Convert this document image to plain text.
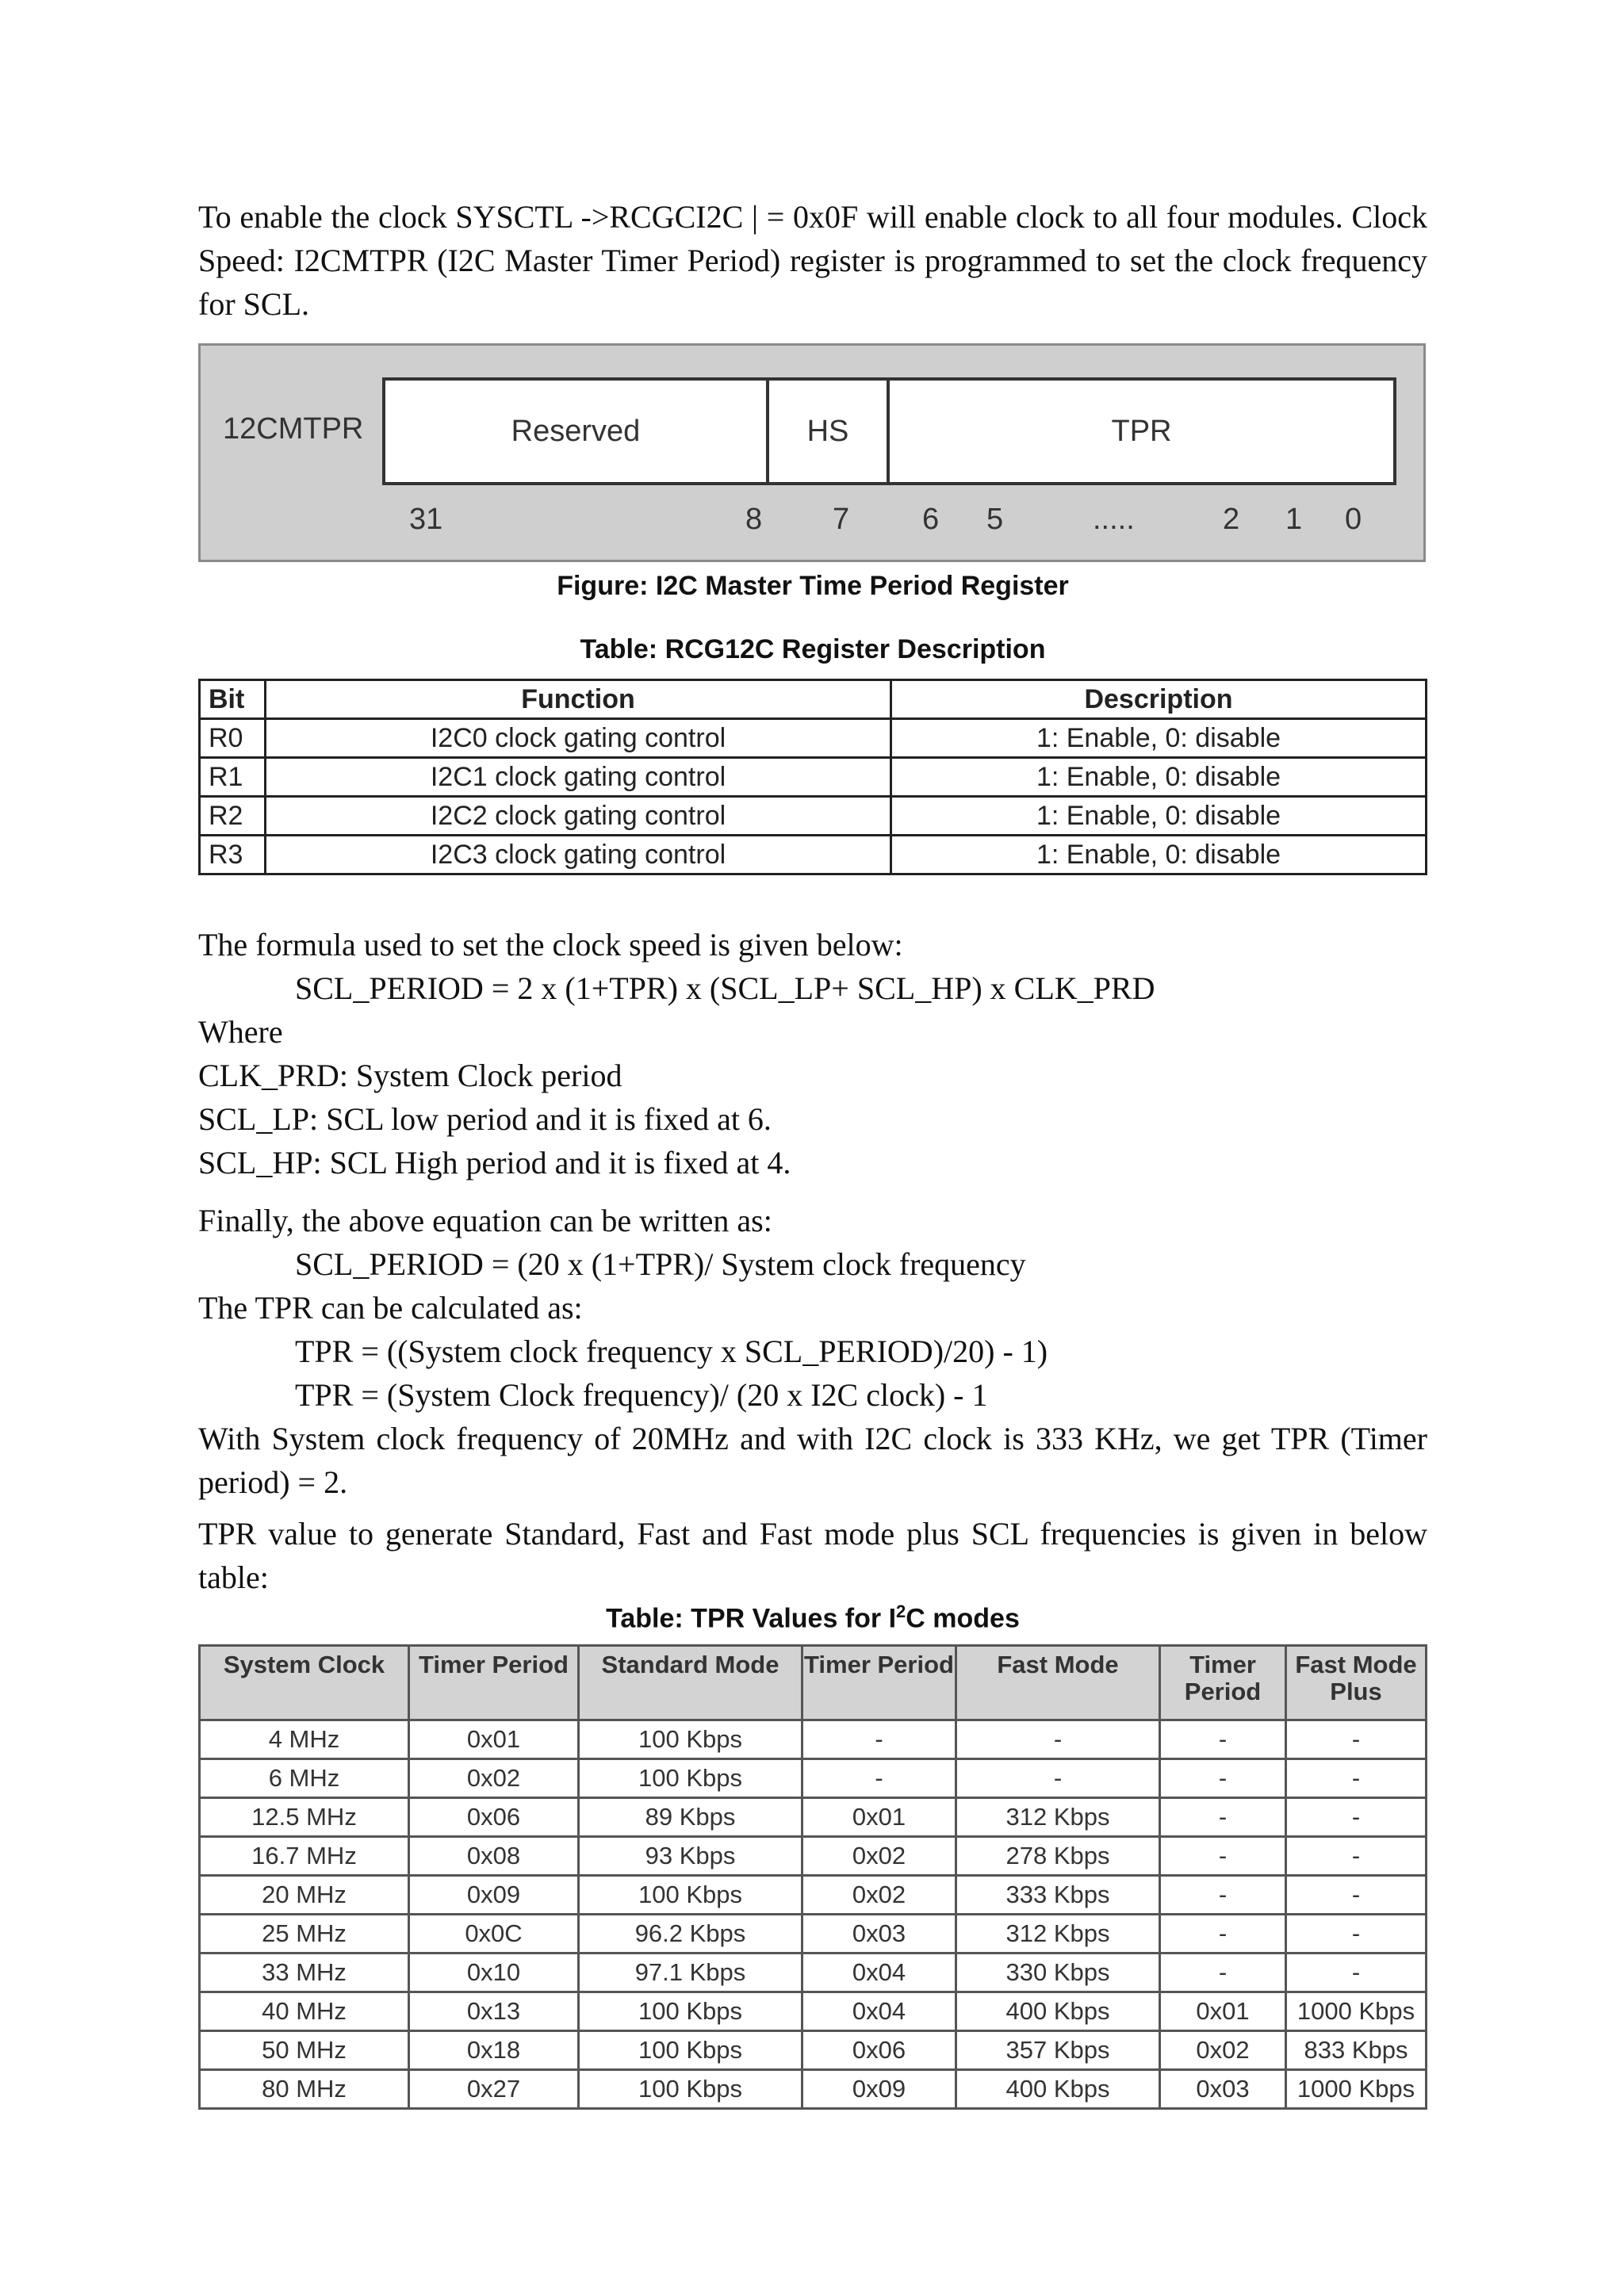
To enable the clock SYSCTL ->RCGCI2C | = 0x0F will enable clock to all four modules. Clock Speed: I2CMTPR (I2C Master Timer Period) register is programmed to set the clock frequency for SCL.
12CMTPR	Reserved	HS	TPR
31	8 7 6 5	.....	2 1 0
Figure: I2C Master Time Period Register
Table: RCG12C Register Description
Bit	Function	Description
R0	I2C0 clock gating control	1: Enable, 0: disable
R1	I2C1 clock gating control	1: Enable, 0: disable
R2	I2C2 clock gating control	1: Enable, 0: disable
R3	I2C3 clock gating control	1: Enable, 0: disable
The formula used to set the clock speed is given below:
SCL_PERIOD = 2 x (1+TPR) x (SCL_LP+ SCL_HP) x CLK_PRD
Where
CLK_PRD: System Clock period
SCL_LP: SCL low period and it is fixed at 6.
SCL_HP: SCL High period and it is fixed at 4.
Finally, the above equation can be written as:
SCL_PERIOD = (20 x (1+TPR)/ System clock frequency
The TPR can be calculated as:
TPR = ((System clock frequency x SCL_PERIOD)/20) - 1)
TPR = (System Clock frequency)/ (20 x I2C clock) - 1
With System clock frequency of 20MHz and with I2C clock is 333 KHz, we get TPR (Timer period) = 2.
TPR value to generate Standard, Fast and Fast mode plus SCL frequencies is given in below table:
Table: TPR Values for $I^2C$ modes
System Clock	Timer Period	Standard Mode	Timer Period	Fast Mode	Timer Period	Fast Mode Plus
4 MHz	0x01	100 Kbps	-	-	-	-
6 MHz	0x02	100 Kbps	-	-	-	-
12.5 MHz	0x06	89 Kbps	0x01	312 Kbps	-	-
16.7 MHz	0x08	93 Kbps	0x02	278 Kbps	-	-
20 MHz	0x09	100 Kbps	0x02	333 Kbps	-	-
25 MHz	0x0C	96.2 Kbps	0x03	312 Kbps	-	-
33 MHz	0x10	97.1 Kbps	0x04	330 Kbps	-	-
40 MHz	0x13	100 Kbps	0x04	400 Kbps	0x01	1000 Kbps
50 MHz	0x18	100 Kbps	0x06	357 Kbps	0x02	833 Kbps
80 MHz	0x27	100 Kbps	0x09	400 Kbps	0x03	1000 Kbps
